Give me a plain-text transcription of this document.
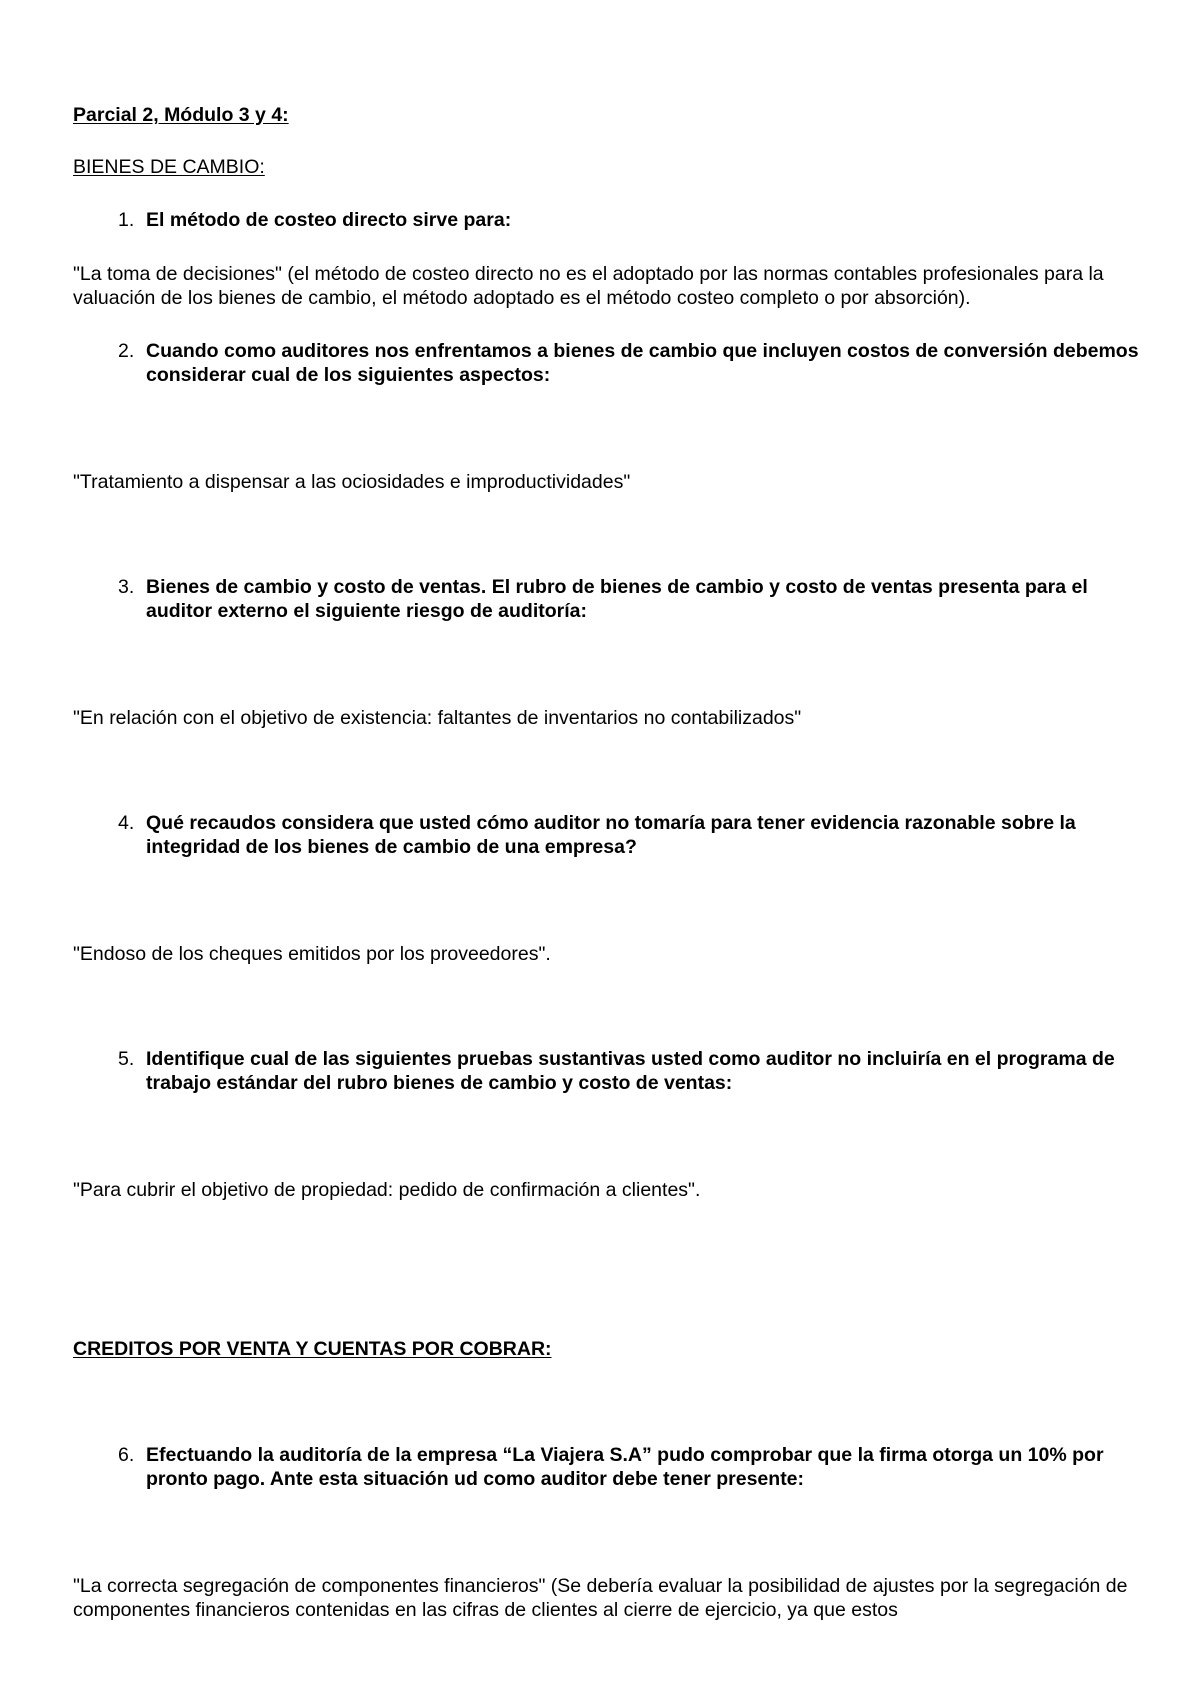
Parcial 2, Módulo 3 y 4:
BIENES DE CAMBIO:
1. El método de costeo directo sirve para:
"La toma de decisiones" (el método de costeo directo no es el adoptado por las normas contables profesionales para la valuación de los bienes de cambio, el método adoptado es el método costeo completo o por absorción).
2. Cuando como auditores nos enfrentamos a bienes de cambio que incluyen costos de conversión debemos considerar cual de los siguientes aspectos:
"Tratamiento a dispensar a las ociosidades e improductividades"
3. Bienes de cambio y costo de ventas. El rubro de bienes de cambio y costo de ventas presenta para el auditor externo el siguiente riesgo de auditoría:
"En relación con el objetivo de existencia: faltantes de inventarios no contabilizados"
4. Qué recaudos considera que usted cómo auditor no tomaría para tener evidencia razonable sobre la integridad de los bienes de cambio de una empresa?
"Endoso de los cheques emitidos por los proveedores".
5. Identifique cual de las siguientes pruebas sustantivas usted como auditor no incluiría en el programa de trabajo estándar del rubro bienes de cambio y costo de ventas:
"Para cubrir el objetivo de propiedad: pedido de confirmación a clientes".
CREDITOS POR VENTA Y CUENTAS POR COBRAR:
6. Efectuando la auditoría de la empresa “La Viajera S.A” pudo comprobar que la firma otorga un 10% por pronto pago. Ante esta situación ud como auditor debe tener presente:
"La correcta segregación de componentes financieros" (Se debería evaluar la posibilidad de ajustes por la segregación de componentes financieros contenidas en las cifras de clientes al cierre de ejercicio, ya que estos
